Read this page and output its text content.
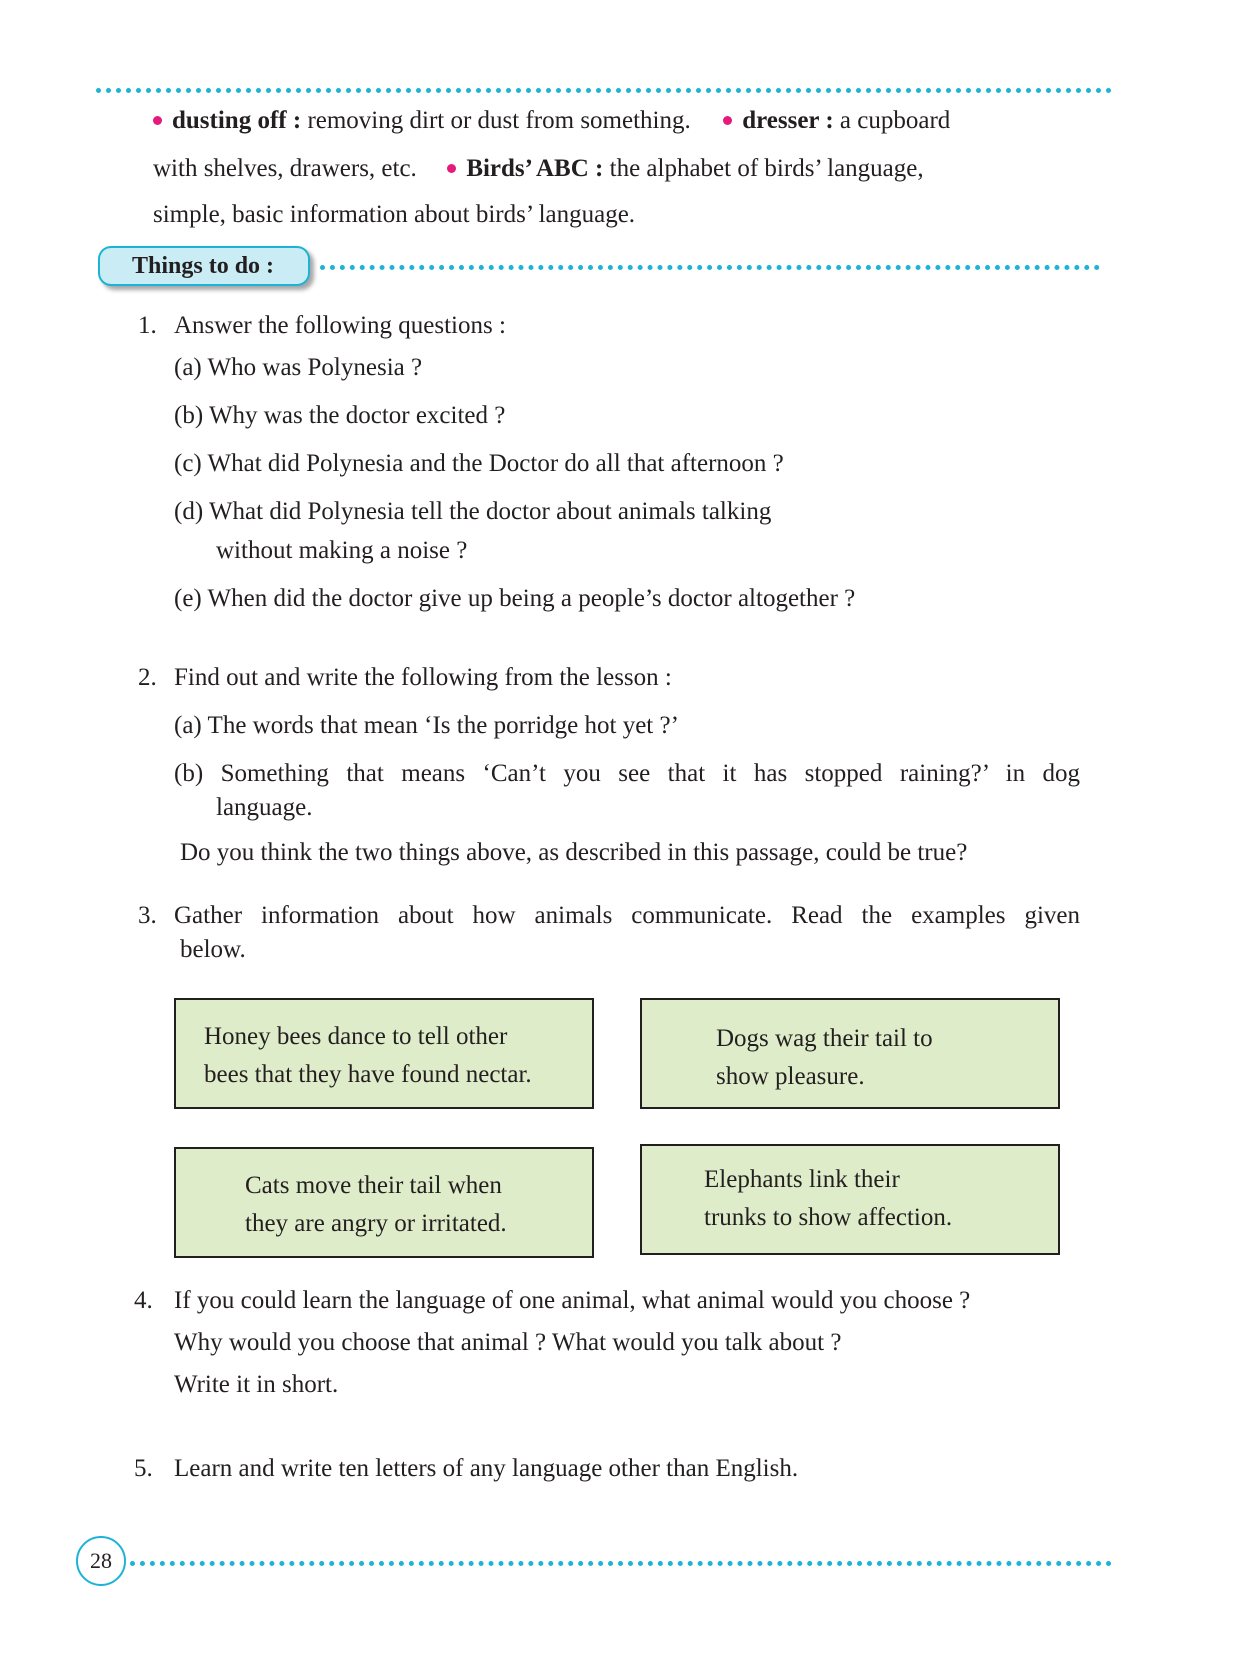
dusting off : removing dirt or dust from something. dresser : a cupboard
with shelves, drawers, etc. Birds’ ABC : the alphabet of birds’ language,
simple, basic information about birds’ language.
Things to do :
1. Answer the following questions :
(a) Who was Polynesia ?
(b) Why was the doctor excited ?
(c) What did Polynesia and the Doctor do all that afternoon ?
(d) What did Polynesia tell the doctor about animals talking
without making a noise ?
(e) When did the doctor give up being a people’s doctor altogether ?
2. Find out and write the following from the lesson :
(a) The words that mean ‘Is the porridge hot yet ?’
(b) Something that means ‘Can’t you see that it has stopped raining?’ in dog
language.
Do you think the two things above, as described in this passage, could be true?
3. Gather information about how animals communicate. Read the examples given
below.
Honey bees dance to tell other
bees that they have found nectar.
Dogs wag their tail to
show pleasure.
Cats move their tail when
they are angry or irritated.
Elephants link their
trunks to show affection.
4. If you could learn the language of one animal, what animal would you choose ?
Why would you choose that animal ? What would you talk about ?
Write it in short.
5. Learn and write ten letters of any language other than English.
28
